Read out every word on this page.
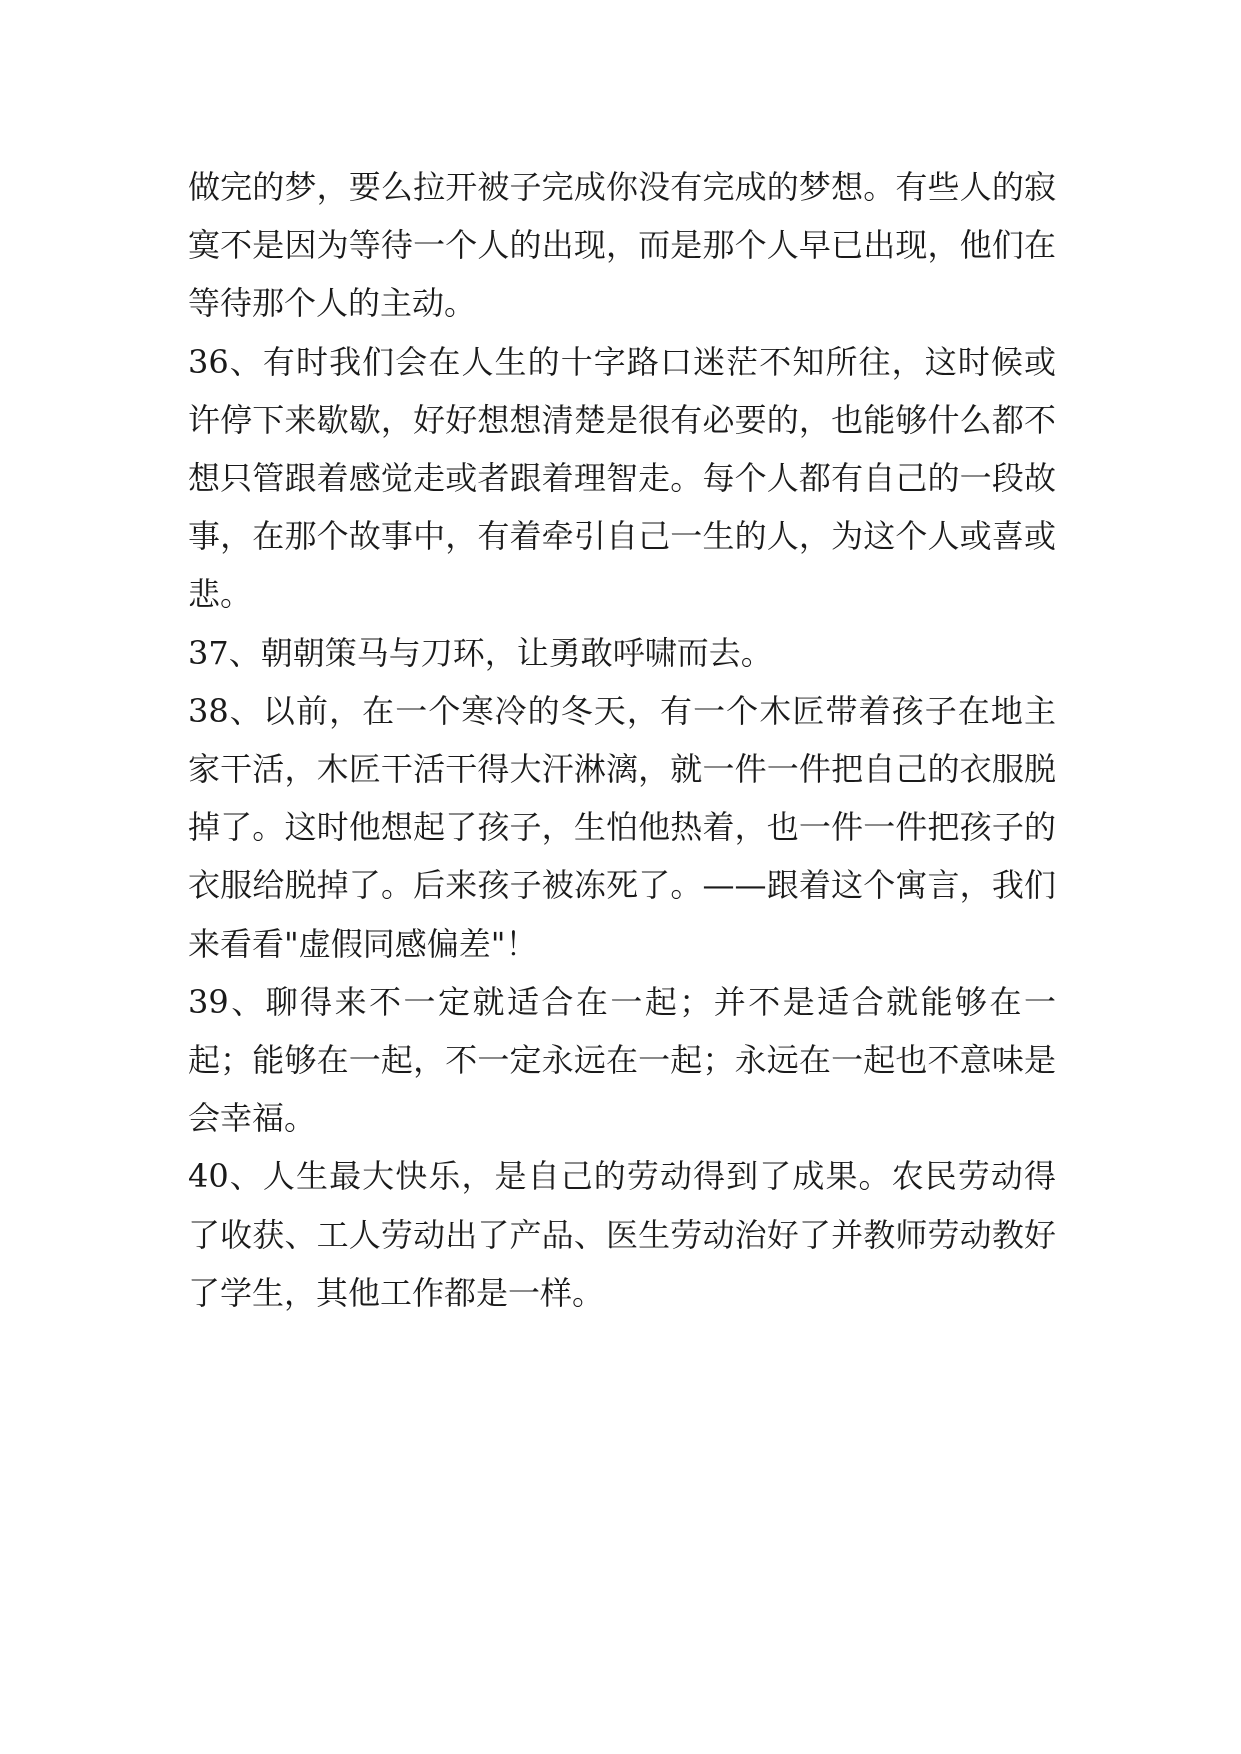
做完的梦，要么拉开被子完成你没有完成的梦想。有些人的寂寞不是因为等待一个人的出现，而是那个人早已出现，他们在等待那个人的主动。

36、有时我们会在人生的十字路口迷茫不知所往，这时候或许停下来歇歇，好好想想清楚是很有必要的，也能够什么都不想只管跟着感觉走或者跟着理智走。每个人都有自己的一段故事，在那个故事中，有着牵引自己一生的人，为这个人或喜或悲。

37、朝朝策马与刀环，让勇敢呼啸而去。

38、以前，在一个寒冷的冬天，有一个木匠带着孩子在地主家干活，木匠干活干得大汗淋漓，就一件一件把自己的衣服脱掉了。这时他想起了孩子，生怕他热着，也一件一件把孩子的衣服给脱掉了。后来孩子被冻死了。——跟着这个寓言，我们来看看"虚假同感偏差"！

39、聊得来不一定就适合在一起；并不是适合就能够在一起；能够在一起，不一定永远在一起；永远在一起也不意味是会幸福。

40、人生最大快乐，是自己的劳动得到了成果。农民劳动得了收获、工人劳动出了产品、医生劳动治好了并教师劳动教好了学生，其他工作都是一样。
